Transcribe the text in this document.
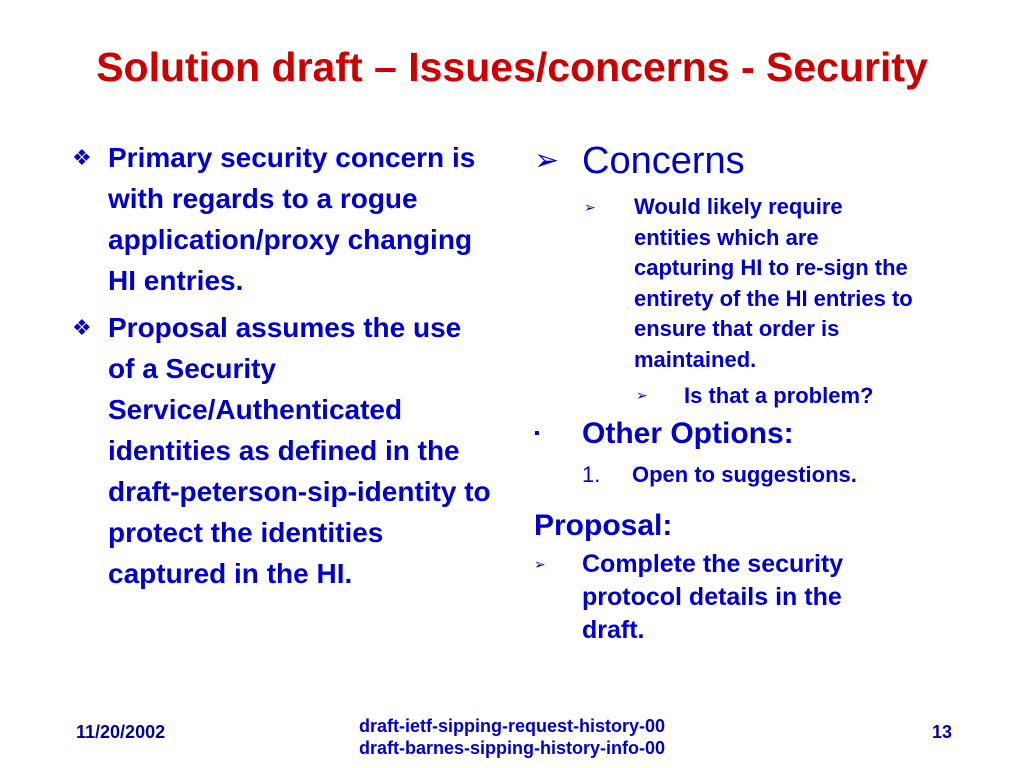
Solution draft – Issues/concerns - Security
❖ Primary security concern is with regards to a rogue application/proxy changing HI entries.
❖ Proposal assumes the use of a Security Service/Authenticated identities as defined in the draft-peterson-sip-identity to protect the identities captured in the HI.
➢ Concerns
➢	Would likely require entities which are capturing HI to re-sign the entirety of the HI entries to ensure that order is maintained.
➢	Is that a problem?
▪	Other Options:
1.	Open to suggestions.
Proposal:
➢	Complete the security protocol details in the draft.
11/20/2002	draft-ietf-sipping-request-history-00
draft-barnes-sipping-history-info-00
13
